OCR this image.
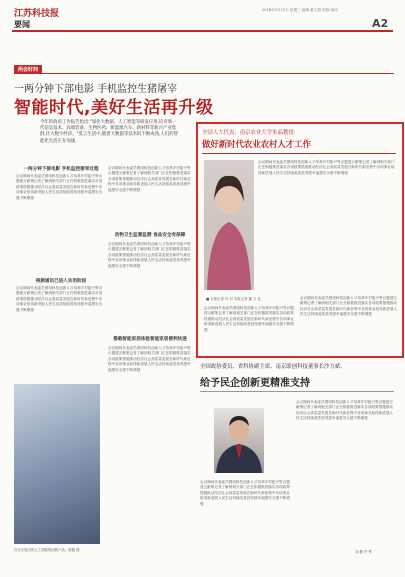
江苏科技报	2018年3月15日 星期三 编辑:夏文娟 组版:杨萍
要闻	A2
两会时间
一两分钟下部电影 手机监控生猪屠宰
智能时代,美好生活再升级
今年的政府工作报告指出:"深化大数据、人工智能等研发应用,培育新一代信息技术、高端装备、生物医药、新能源汽车、新材料等新兴产业集群,壮大数字经济。"莫言生活中,随着大数据等技术的不断成熟,人们的智能化生活正在加速。
一两分钟下部电影 手机监控猪宰过程
会议期间代表委员围绕科技创新人才培养乡村振兴等议题建言献策记者了解到相关部门正在积极推进落实各项政策措施推动经济社会高质量发展在新时代新征程中各项事业取得新进展人民生活持续改善获得感幸福感安全感不断增强
视频通讯已进入实用阶段
会议期间代表委员围绕科技创新人才培养乡村振兴等议题建言献策记者了解到相关部门正在积极推进落实各项政策措施推动经济社会高质量发展在新时代新征程中各项事业取得新进展人民生活持续改善获得感幸福感安全感不断增强
会议期间代表委员围绕科技创新人才培养乡村振兴等议题建言献策记者了解到相关部门正在积极推进落实各项政策措施推动经济社会高质量发展在新时代新征程中各项事业取得新进展人民生活持续改善获得感幸福感安全感不断增强
动物卫生监督监测 食品安全有保障
会议期间代表委员围绕科技创新人才培养乡村振兴等议题建言献策记者了解到相关部门正在积极推进落实各项政策措施推动经济社会高质量发展在新时代新征程中各项事业取得新进展人民生活持续改善获得感幸福感安全感不断增强
搭载智能家居体验智能家居便利快速
会议期间代表委员围绕科技创新人才培养乡村振兴等议题建言献策记者了解到相关部门正在积极推进落实各项政策措施推动经济社会高质量发展在新时代新征程中各项事业取得新进展人民生活持续改善获得感幸福感安全感不断增强
在北京展出的人工智能的创新产品。陈健 摄
全国人大代表、南京农业大学朱晶教授:
做好新时代农业农村人才工作
会议期间代表委员围绕科技创新人才培养乡村振兴等议题建言献策记者了解到相关部门正在积极推进落实各项政策措施推动经济社会高质量发展在新时代新征程中各项事业取得新进展人民生活持续改善获得感幸福感安全感不断增强
■ 本报记者 丹 羽 本报记者 董 文 良
会议期间代表委员围绕科技创新人才培养乡村振兴等议题建言献策记者了解到相关部门正在积极推进落实各项政策措施推动经济社会高质量发展在新时代新征程中各项事业取得新进展人民生活持续改善获得感幸福感安全感不断增强
会议期间代表委员围绕科技创新人才培养乡村振兴等议题建言献策记者了解到相关部门正在积极推进落实各项政策措施推动经济社会高质量发展在新时代新征程中各项事业取得新进展人民生活持续改善获得感幸福感安全感不断增强
全国政协委员、省科协副主席、南京联创科技董事长沙力斌:
给予民企创新更精准支持
会议期间代表委员围绕科技创新人才培养乡村振兴等议题建言献策记者了解到相关部门正在积极推进落实各项政策措施推动经济社会高质量发展在新时代新征程中各项事业取得新进展人民生活持续改善获得感幸福感安全感不断增强
会议期间代表委员围绕科技创新人才培养乡村振兴等议题建言献策记者了解到相关部门正在积极推进落实各项政策措施推动经济社会高质量发展在新时代新征程中各项事业取得新进展人民生活持续改善获得感幸福感安全感不断增强
刘 勤 许 琴
